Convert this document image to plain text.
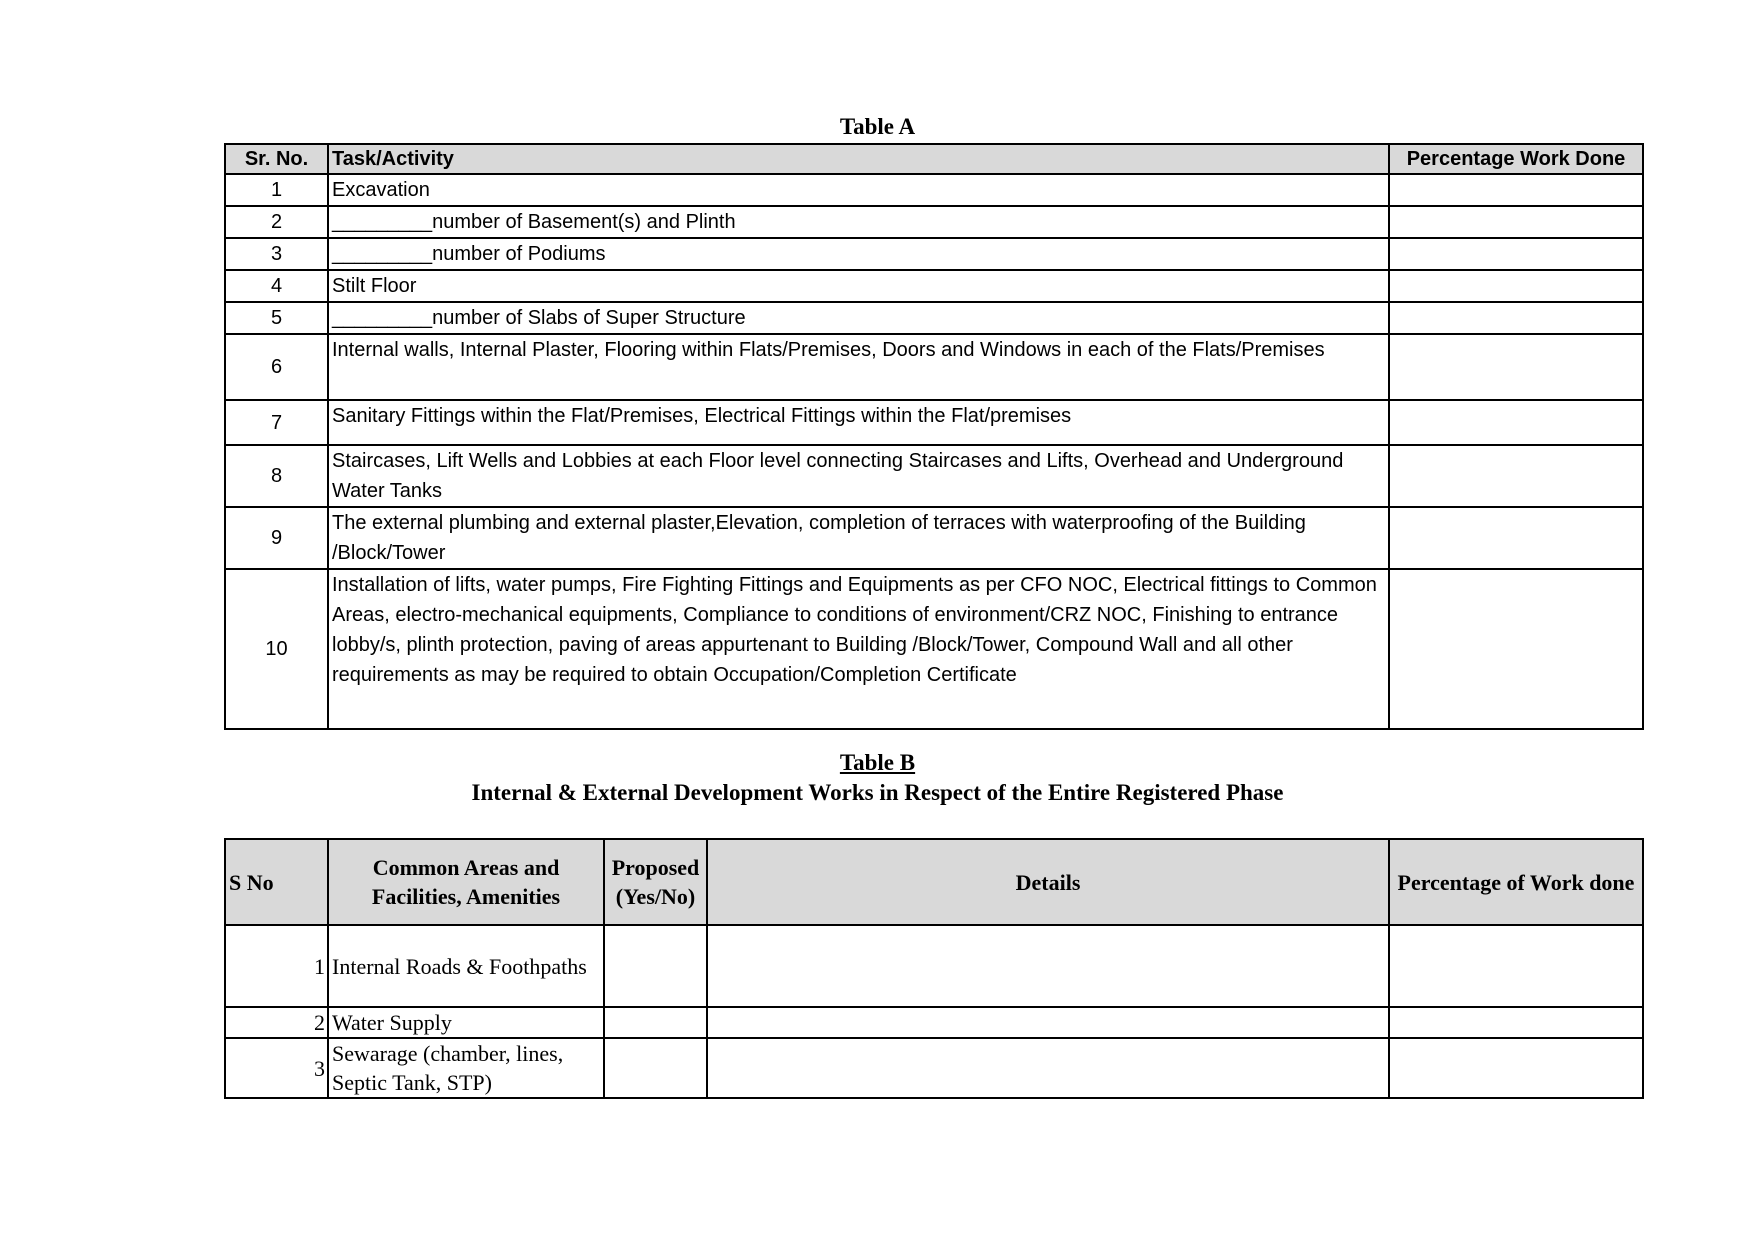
Table A
Sr. No.	Task/Activity	Percentage Work Done
1	Excavation	
2	_________number of Basement(s) and Plinth	
3	_________number of Podiums	
4	Stilt Floor	
5	_________number of Slabs of Super Structure	
6	Internal walls, Internal Plaster, Flooring within Flats/Premises, Doors and Windows in each of the Flats/Premises	
7	Sanitary Fittings within the Flat/Premises, Electrical Fittings within the Flat/premises	
8	Staircases, Lift Wells and Lobbies at each Floor level connecting Staircases and Lifts, Overhead and Underground Water Tanks	
9	The external plumbing and external plaster,Elevation, completion of terraces with waterproofing of the Building /Block/Tower	
10	Installation of lifts, water pumps, Fire Fighting Fittings and Equipments as per CFO NOC, Electrical fittings to Common Areas, electro-mechanical equipments, Compliance to conditions of environment/CRZ NOC, Finishing to entrance lobby/s, plinth protection, paving of areas appurtenant to Building /Block/Tower, Compound Wall and all other requirements as may be required to obtain Occupation/Completion Certificate	
Table B
Internal & External Development Works in Respect of the Entire Registered Phase
S No	Common Areas and Facilities, Amenities	Proposed (Yes/No)	Details	Percentage of Work done
1	Internal Roads & Foothpaths			
2	Water Supply			
3	Sewarage (chamber, lines, Septic Tank, STP)			
